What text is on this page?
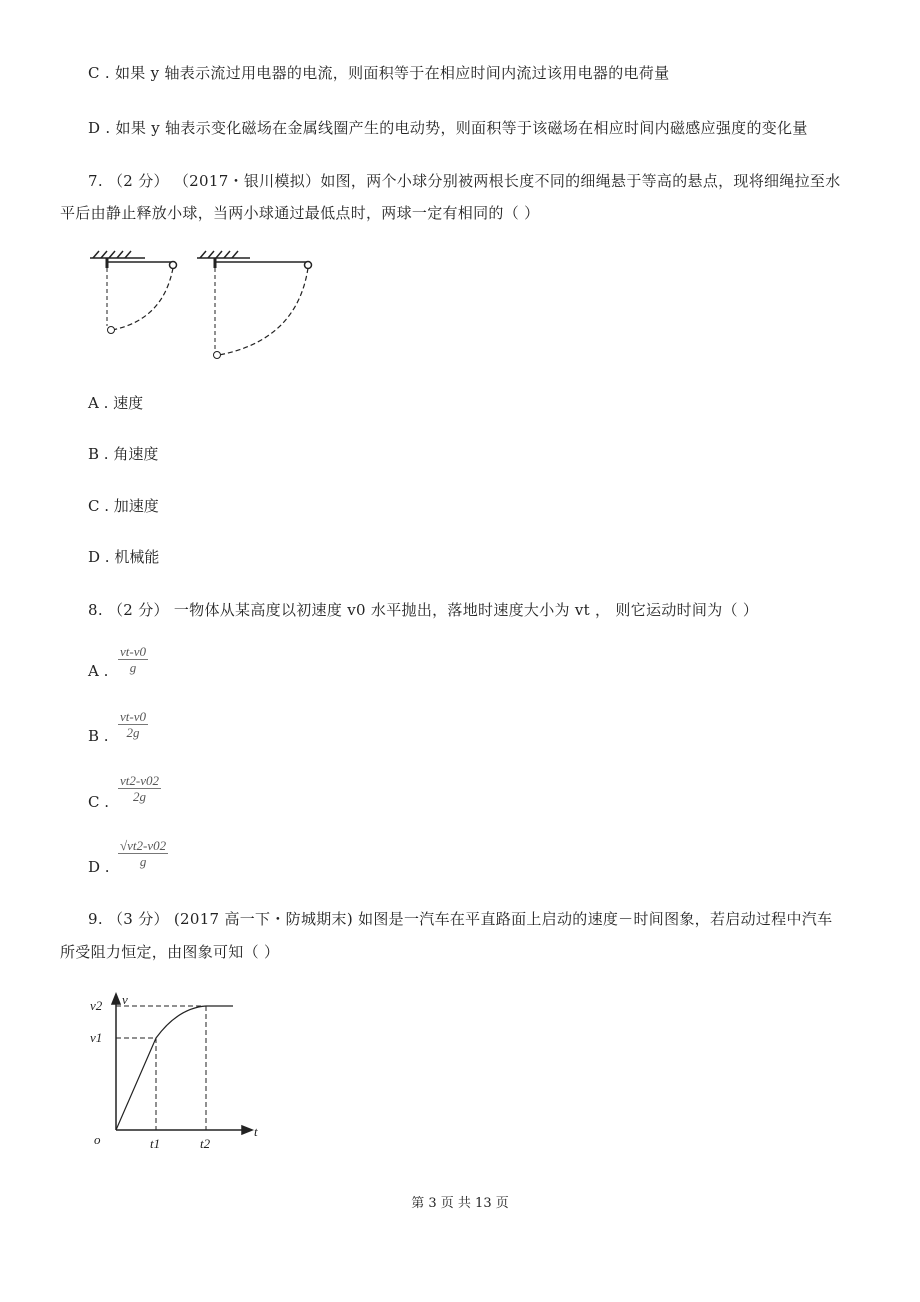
C . 如果 y 轴表示流过用电器的电流，则面积等于在相应时间内流过该用电器的电荷量
D . 如果 y 轴表示变化磁场在金属线圈产生的电动势，则面积等于该磁场在相应时间内磁感应强度的变化量
7. （2 分） （2017・银川模拟）如图，两个小球分别被两根长度不同的细绳悬于等高的悬点，现将细绳拉至水
平后由静止释放小球，当两小球通过最低点时，两球一定有相同的（ ）
A . 速度
B . 角速度
C . 加速度
D . 机械能
8. （2 分） 一物体从某高度以初速度 v0 水平抛出，落地时速度大小为 vt ， 则它运动时间为（ ）
A . $\frac{vt-v0}{g}$
B . $\frac{vt-v0}{2g}$
C . $\frac{vt2-v02}{2g}$
D . $\frac{√vt2-v02}{g}$
9. （3 分） (2017 高一下・防城期末) 如图是一汽车在平直路面上启动的速度－时间图象，若启动过程中汽车
所受阻力恒定，由图象可知（ ）
v
t
o
v2
v1
t1	t2
第 3 页 共 13 页
